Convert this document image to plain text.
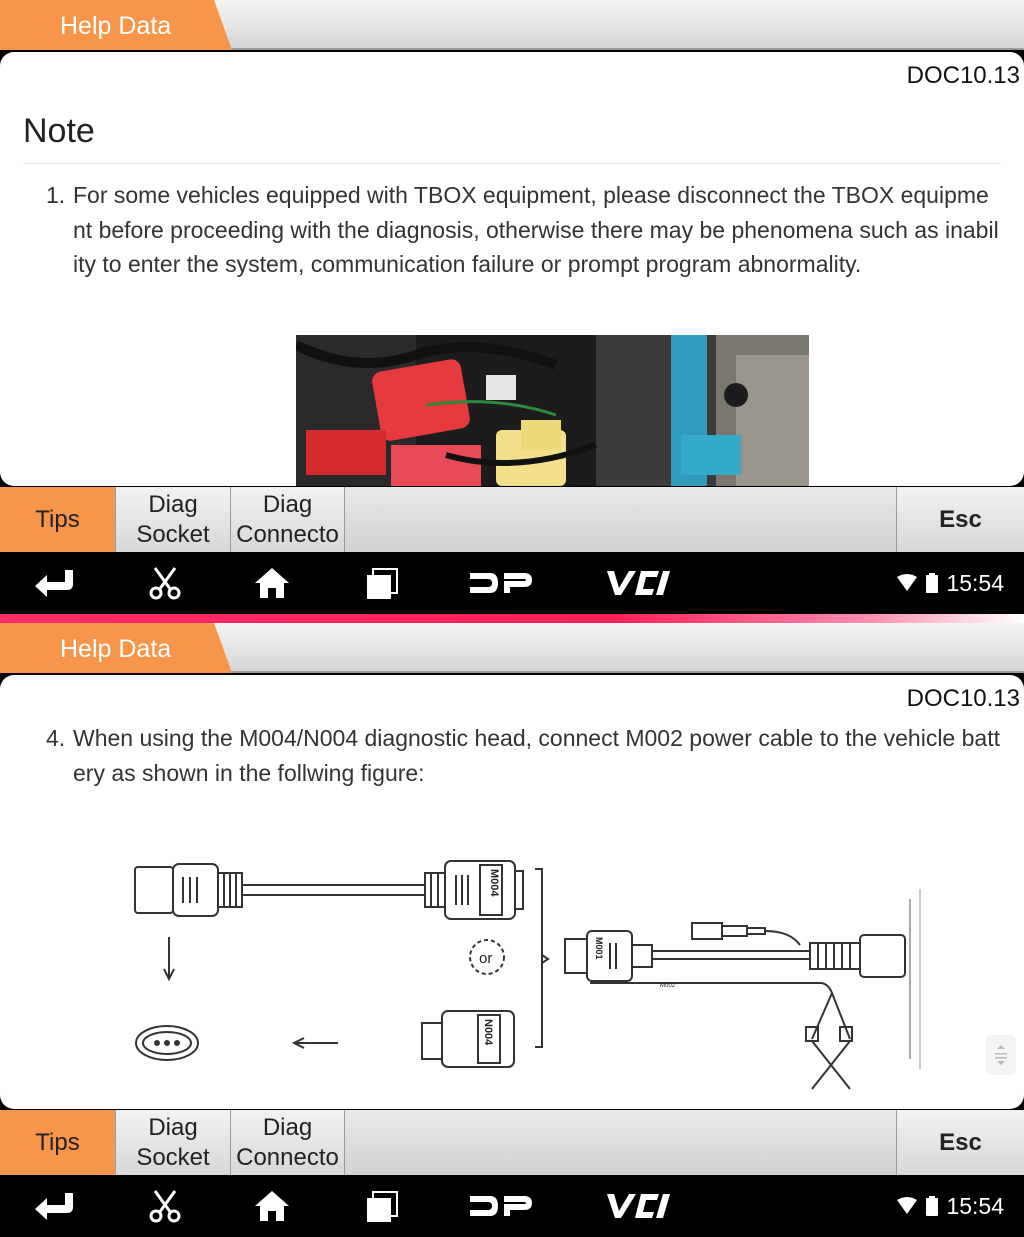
Help Data
DOC10.13
Note
1. For some vehicles equipped with TBOX equipment, please disconnect the TBOX equipment before proceeding with the diagnosis, otherwise there may be phenomena such as inability to enter the system, communication failure or prompt program abnormality.
Tips
Diag
Socket
Diag
Connecto
Esc
15:54
Help Data
DOC10.13
4. When using the M004/N004 diagnostic head, connect M002 power cable to the vehicle battery as shown in the follwing figure:
M004
N004
or	M001
M002
Tips
Diag
Socket
Diag
Connecto
Esc
15:54
